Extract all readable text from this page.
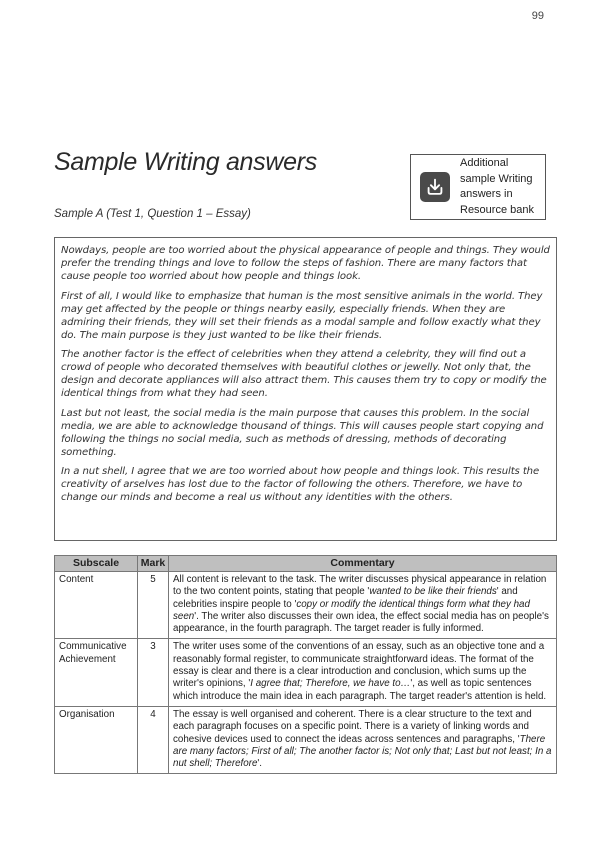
99
Sample Writing answers
Sample A (Test 1, Question 1 – Essay)
Additional
sample Writing
answers in
Resource bank

Nowdays, people are too worried about the physical appearance of people and things. They would prefer the trending things and love to follow the steps of fashion. There are many factors that cause people too worried about how people and things look.

First of all, I would like to emphasize that human is the most sensitive animals in the world. They may get affected by the people or things nearby easily, especially friends. When they are admiring their friends, they will set their friends as a modal sample and follow exactly what they do. The main purpose is they just wanted to be like their friends.

The another factor is the effect of celebrities when they attend a celebrity, they will find out a crowd of people who decorated themselves with beautiful clothes or jewelly. Not only that, the design and decorate appliances will also attract them. This causes them try to copy or modify the identical things from what they had seen.

Last but not least, the social media is the main purpose that causes this problem. In the social media, we are able to acknowledge thousand of things. This will causes people start copying and following the things no social media, such as methods of dressing, methods of decorating something.

In a nut shell, I agree that we are too worried about how people and things look. This results the creativity of arselves has lost due to the factor of following the others. Therefore, we have to change our minds and become a real us without any identities with the others.

Subscale	Mark	Commentary
Content	5	All content is relevant to the task. The writer discusses physical appearance in relation to the two content points, stating that people 'wanted to be like their friends' and celebrities inspire people to 'copy or modify the identical things form what they had seen'. The writer also discusses their own idea, the effect social media has on people's appearance, in the fourth paragraph. The target reader is fully informed.
Communicative Achievement	3	The writer uses some of the conventions of an essay, such as an objective tone and a reasonably formal register, to communicate straightforward ideas. The format of the essay is clear and there is a clear introduction and conclusion, which sums up the writer's opinions, 'I agree that; Therefore, we have to…', as well as topic sentences which introduce the main idea in each paragraph. The target reader's attention is held.
Organisation	4	The essay is well organised and coherent. There is a clear structure to the text and each paragraph focuses on a specific point. There is a variety of linking words and cohesive devices used to connect the ideas across sentences and paragraphs, 'There are many factors; First of all; The another factor is; Not only that; Last but not least; In a nut shell; Therefore'.
